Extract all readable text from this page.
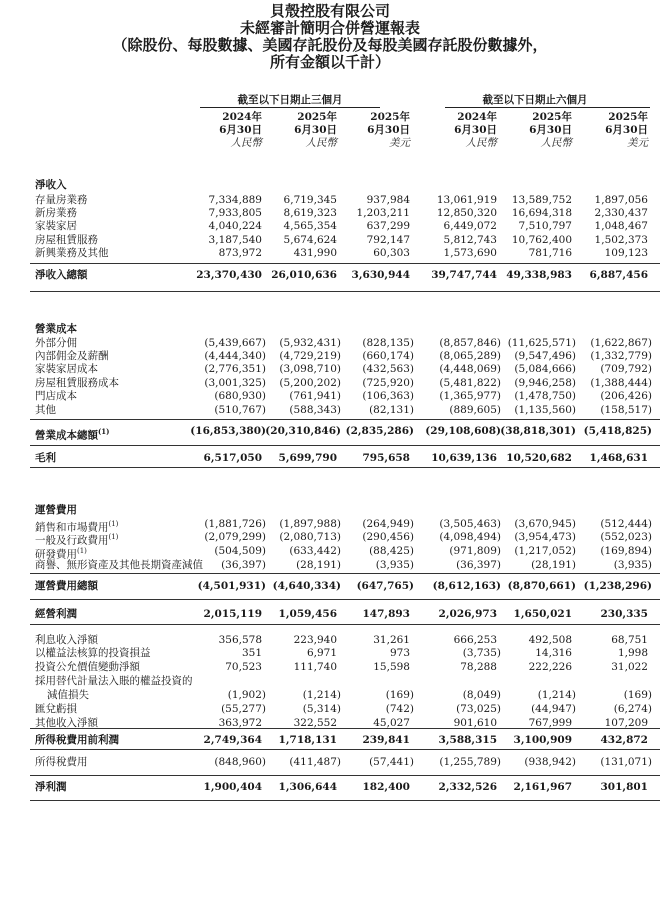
貝殼控股有限公司
未經審計簡明合併營運報表
（除股份、每股數據、美國存託股份及每股美國存託股份數據外，
所有金額以千計）
截至以下日期止三個月	截至以下日期止六個月
2024年
6月30日
人民幣
2025年
6月30日
人民幣
2025年
6月30日
美元
2024年
6月30日
人民幣
2025年
6月30日
人民幣
2025年
6月30日
美元
淨收入
存量房業務	7,334,889	6,719,345	937,984	13,061,919	13,589,752	1,897,056
新房業務	7,933,805	8,619,323	1,203,211	12,850,320	16,694,318	2,330,437
家裝家居	4,040,224	4,565,354	637,299	6,449,072	7,510,797	1,048,467
房屋租賃服務	3,187,540	5,674,624	792,147	5,812,743	10,762,400	1,502,373
新興業務及其他	873,972	431,990	60,303	1,573,690	781,716	109,123
淨收入總額	23,370,430 26,010,636	3,630,944	39,747,744 49,338,983	6,887,456
營業成本
外部分佣	(5,439,667)	(5,932,431)	(828,135)	(8,857,846) (11,625,571)	(1,622,867)
內部佣金及薪酬	(4,444,340)	(4,729,219)	(660,174)	(8,065,289)	(9,547,496)	(1,332,779)
家裝家居成本	(2,776,351)	(3,098,710)	(432,563)	(4,448,069)	(5,084,666)	(709,792)
房屋租賃服務成本	(3,001,325)	(5,200,202)	(725,920)	(5,481,822)	(9,946,258)	(1,388,444)
門店成本	(680,930)	(761,941)	(106,363)	(1,365,977)	(1,478,750)	(206,426)
其他	(510,767)	(588,343)	(82,131)	(889,605)	(1,135,560)	(158,517)
營業成本總額$^{(1)}$	(16,853,380) (20,310,846) (2,835,286)	(29,108,608) (38,818,301) (5,418,825)
毛利	6,517,050	5,699,790	795,658	10,639,136 10,520,682	1,468,631
運營費用
銷售和市場費用$^{(1)}$	(1,881,726)	(1,897,988)	(264,949)	(3,505,463)	(3,670,945)	(512,444)
一般及行政費用$^{(1)}$	(2,079,299)	(2,080,713)	(290,456)	(4,098,494)	(3,954,473)	(552,023)
研發費用$^{(1)}$	(504,509)	(633,442)	(88,425)	(971,809)	(1,217,052)	(169,894)
商譽、無形資產及其他長期資產減值	(36,397)	(28,191)	(3,935)	(36,397)	(28,191)	(3,935)
運營費用總額	(4,501,931) (4,640,334)	(647,765)	(8,612,163) (8,870,661) (1,238,296)
經營利潤	2,015,119	1,059,456	147,893	2,026,973	1,650,021	230,335
利息收入淨額	356,578	223,940	31,261	666,253	492,508	68,751
以權益法核算的投資損益	351	6,971	973	(3,735)	14,316	1,998
投資公允價值變動淨額	70,523	111,740	15,598	78,288	222,226	31,022
採用替代計量法入賬的權益投資的
減值損失	(1,902)	(1,214)	(169)	(8,049)	(1,214)	(169)
匯兌虧損	(55,277)	(5,314)	(742)	(73,025)	(44,947)	(6,274)
其他收入淨額	363,972	322,552	45,027	901,610	767,999	107,209
所得稅費用前利潤	2,749,364	1,718,131	239,841	3,588,315	3,100,909	432,872
所得稅費用	(848,960)	(411,487)	(57,441)	(1,255,789)	(938,942)	(131,071)
淨利潤	1,900,404	1,306,644	182,400	2,332,526	2,161,967	301,801
